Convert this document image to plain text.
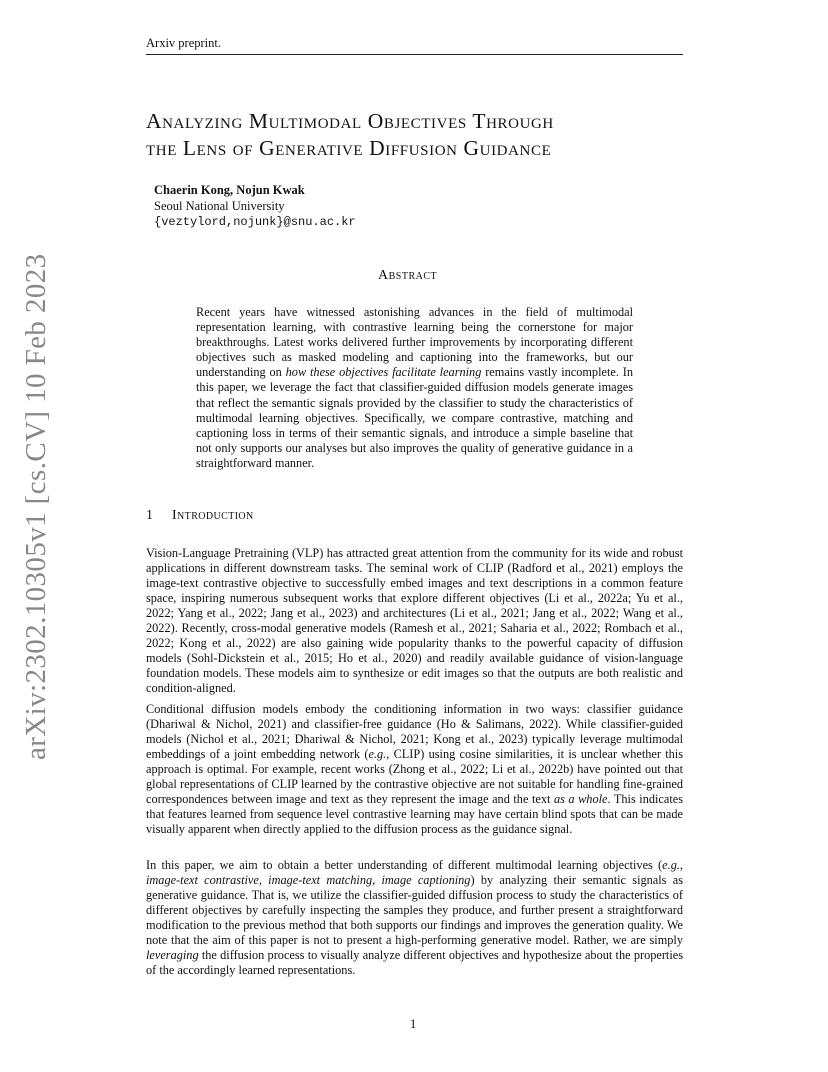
Arxiv preprint.
Analyzing Multimodal Objectives Through
the Lens of Generative Diffusion Guidance
Chaerin Kong, Nojun Kwak
Seoul National University
{veztylord,nojunk}@snu.ac.kr
arXiv:2302.10305v1 [cs.CV] 10 Feb 2023	Abstract

Recent years have witnessed astonishing advances in the field of multimodal representation learning, with contrastive learning being the cornerstone for major breakthroughs. Latest works delivered further improvements by incorporating different objectives such as masked modeling and captioning into the frameworks, but our understanding on how these objectives facilitate learning remains vastly incomplete. In this paper, we leverage the fact that classifier-guided diffusion models generate images that reflect the semantic signals provided by the classifier to study the characteristics of multimodal learning objectives. Specifically, we compare contrastive, matching and captioning loss in terms of their semantic signals, and introduce a simple baseline that not only supports our analyses but also improves the quality of generative guidance in a straightforward manner.

1 Introduction

Vision-Language Pretraining (VLP) has attracted great attention from the community for its wide and robust applications in different downstream tasks. The seminal work of CLIP (Radford et al., 2021) employs the image-text contrastive objective to successfully embed images and text descriptions in a common feature space, inspiring numerous subsequent works that explore different objectives (Li et al., 2022a; Yu et al., 2022; Yang et al., 2022; Jang et al., 2023) and architectures (Li et al., 2021; Jang et al., 2022; Wang et al., 2022). Recently, cross-modal generative models (Ramesh et al., 2021; Saharia et al., 2022; Rombach et al., 2022; Kong et al., 2022) are also gaining wide popularity thanks to the powerful capacity of diffusion models (Sohl-Dickstein et al., 2015; Ho et al., 2020) and readily available guidance of vision-language foundation models. These models aim to synthesize or edit images so that the outputs are both realistic and condition-aligned.

Conditional diffusion models embody the conditioning information in two ways: classifier guidance (Dhariwal & Nichol, 2021) and classifier-free guidance (Ho & Salimans, 2022). While classifier-guided models (Nichol et al., 2021; Dhariwal & Nichol, 2021; Kong et al., 2023) typically leverage multimodal embeddings of a joint embedding network (e.g., CLIP) using cosine similarities, it is unclear whether this approach is optimal. For example, recent works (Zhong et al., 2022; Li et al., 2022b) have pointed out that global representations of CLIP learned by the contrastive objective are not suitable for handling fine-grained correspondences between image and text as they represent the image and the text as a whole. This indicates that features learned from sequence level contrastive learning may have certain blind spots that can be made visually apparent when directly applied to the diffusion process as the guidance signal.

In this paper, we aim to obtain a better understanding of different multimodal learning objectives (e.g., image-text contrastive, image-text matching, image captioning) by analyzing their semantic signals as generative guidance. That is, we utilize the classifier-guided diffusion process to study the characteristics of different objectives by carefully inspecting the samples they produce, and further present a straightforward modification to the previous method that both supports our findings and improves the generation quality. We note that the aim of this paper is not to present a high-performing generative model. Rather, we are simply leveraging the diffusion process to visually analyze different objectives and hypothesize about the properties of the accordingly learned representations.

1
